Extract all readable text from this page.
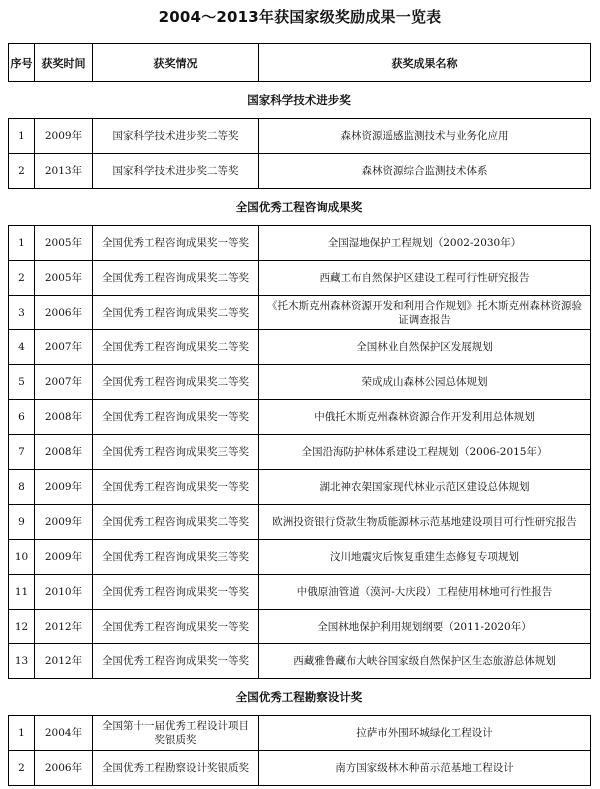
2004～2013年获国家级奖励成果一览表
序号	获奖时间	获奖情况	获奖成果名称
国家科学技术进步奖
1	2009年	国家科学技术进步奖二等奖	森林资源遥感监测技术与业务化应用
2	2013年	国家科学技术进步奖二等奖	森林资源综合监测技术体系
全国优秀工程咨询成果奖
1	2005年	全国优秀工程咨询成果奖一等奖	全国湿地保护工程规划（2002-2030年）
2	2005年	全国优秀工程咨询成果奖二等奖	西藏工布自然保护区建设工程可行性研究报告
3	2006年	全国优秀工程咨询成果奖二等奖	《托木斯克州森林资源开发和利用合作规划》托木斯克州森林资源验证调查报告
4	2007年	全国优秀工程咨询成果奖二等奖	全国林业自然保护区发展规划
5	2007年	全国优秀工程咨询成果奖二等奖	荣成成山森林公园总体规划
6	2008年	全国优秀工程咨询成果奖一等奖	中俄托木斯克州森林资源合作开发利用总体规划
7	2008年	全国优秀工程咨询成果奖三等奖	全国沿海防护林体系建设工程规划（2006-2015年）
8	2009年	全国优秀工程咨询成果奖一等奖	湖北神农架国家现代林业示范区建设总体规划
9	2009年	全国优秀工程咨询成果奖二等奖	欧洲投资银行贷款生物质能源林示范基地建设项目可行性研究报告
10	2009年	全国优秀工程咨询成果奖三等奖	汶川地震灾后恢复重建生态修复专项规划
11	2010年	全国优秀工程咨询成果奖一等奖	中俄原油管道（漠河-大庆段）工程使用林地可行性报告
12	2012年	全国优秀工程咨询成果奖一等奖	全国林地保护利用规划纲要（2011-2020年）
13	2012年	全国优秀工程咨询成果奖一等奖	西藏雅鲁藏布大峡谷国家级自然保护区生态旅游总体规划
全国优秀工程勘察设计奖
1	2004年	全国第十一届优秀工程设计项目奖银质奖	拉萨市外围环城绿化工程设计
2	2006年	全国优秀工程勘察设计奖银质奖	南方国家级林木种苗示范基地工程设计
